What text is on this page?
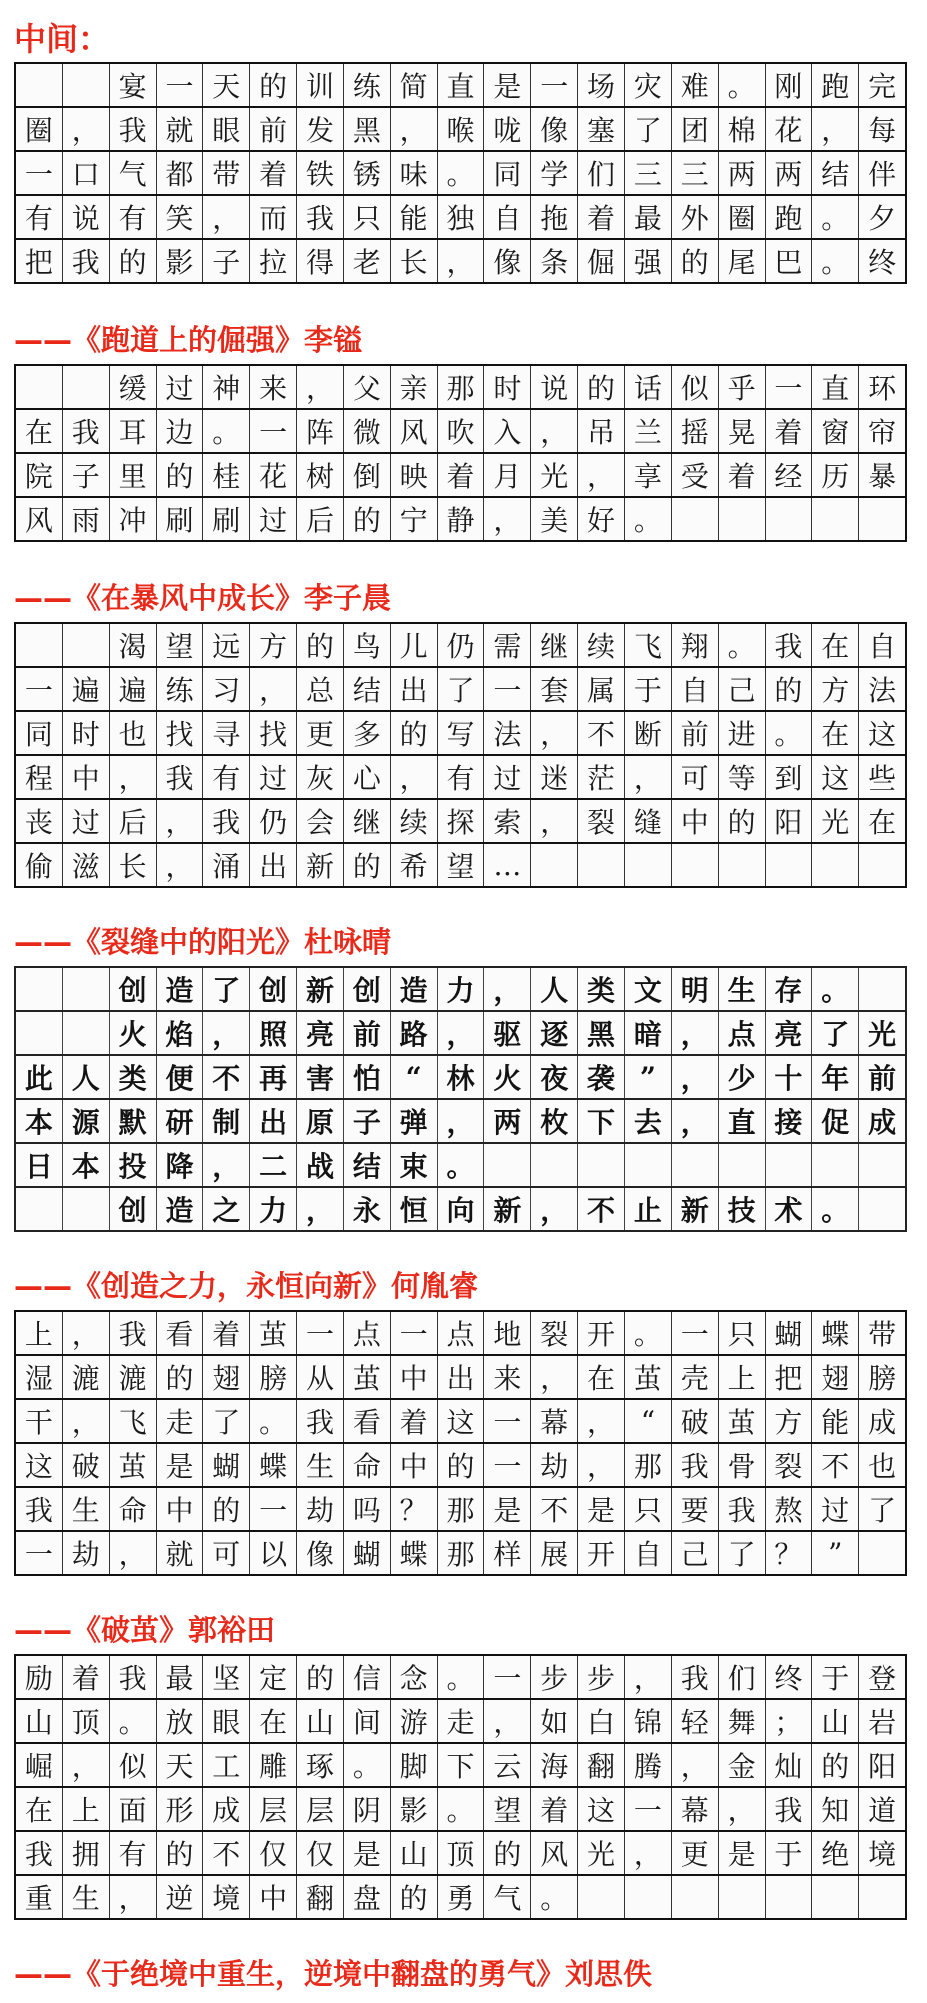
中间：
宴 一 天 的 训 练 简 直 是 一 场 灾 难 。 刚 跑 完
圈 ， 我 就 眼 前 发 黑 ， 喉 咙 像 塞 了 团 棉 花 ， 每
一 口 气 都 带 着 铁 锈 味 。 同 学 们 三 三 两 两 结 伴
有 说 有 笑 ， 而 我 只 能 独 自 拖 着 最 外 圈 跑 。 夕
把 我 的 影 子 拉 得 老 长 ， 像 条 倔 强 的 尾 巴 。 终
——《跑道上的倔强》李镒
缓 过 神 来 ， 父 亲 那 时 说 的 话 似 乎 一 直 环
在 我 耳 边 。 一 阵 微 风 吹 入 ， 吊 兰 摇 晃 着 窗 帘
院 子 里 的 桂 花 树 倒 映 着 月 光 ， 享 受 着 经 历 暴
风 雨 冲 刷 刷 过 后 的 宁 静 ， 美 好 。
——《在暴风中成长》李子晨
渴 望 远 方 的 鸟 儿 仍 需 继 续 飞 翔 。 我 在 自
一 遍 遍 练 习 ， 总 结 出 了 一 套 属 于 自 己 的 方 法
同 时 也 找 寻 找 更 多 的 写 法 ， 不 断 前 进 。 在 这
程 中 ， 我 有 过 灰 心 ， 有 过 迷 茫 ， 可 等 到 这 些
丧 过 后 ， 我 仍 会 继 续 探 索 ， 裂 缝 中 的 阳 光 在
偷 滋 长 ， 涌 出 新 的 希 望 …
——《裂缝中的阳光》杜咏晴
创 造 了 创 新 创 造 力 ， 人 类 文 明 生 存 。
火 焰 ， 照 亮 前 路 ， 驱 逐 黑 暗 ， 点 亮 了 光
此 人 类 便 不 再 害 怕 “ 林 火 夜 袭 ” ， 少 十 年 前
本 源 默 研 制 出 原 子 弹 ， 两 枚 下 去 ， 直 接 促 成
日 本 投 降 ， 二 战 结 束 。
创 造 之 力 ， 永 恒 向 新 ， 不 止 新 技 术 。
——《创造之力，永恒向新》何胤睿
上 ， 我 看 着 茧 一 点 一 点 地 裂 开 。 一 只 蝴 蝶 带
湿 漉 漉 的 翅 膀 从 茧 中 出 来 ， 在 茧 壳 上 把 翅 膀
干 ， 飞 走 了 。 我 看 着 这 一 幕 ， “ 破 茧 方 能 成
这 破 茧 是 蝴 蝶 生 命 中 的 一 劫 ， 那 我 骨 裂 不 也
我 生 命 中 的 一 劫 吗 ？ 那 是 不 是 只 要 我 熬 过 了
一 劫 ， 就 可 以 像 蝴 蝶 那 样 展 开 自 己 了 ？ ”
——《破茧》郭裕田
励 着 我 最 坚 定 的 信 念 。 一 步 步 ， 我 们 终 于 登
山 顶 。 放 眼 在 山 间 游 走 ， 如 白 锦 轻 舞 ； 山 岩
崛 ， 似 天 工 雕 琢 。 脚 下 云 海 翻 腾 ， 金 灿 的 阳
在 上 面 形 成 层 层 阴 影 。 望 着 这 一 幕 ， 我 知 道
我 拥 有 的 不 仅 仅 是 山 顶 的 风 光 ， 更 是 于 绝 境
重 生 ， 逆 境 中 翻 盘 的 勇 气 。
——《于绝境中重生，逆境中翻盘的勇气》刘思佚
